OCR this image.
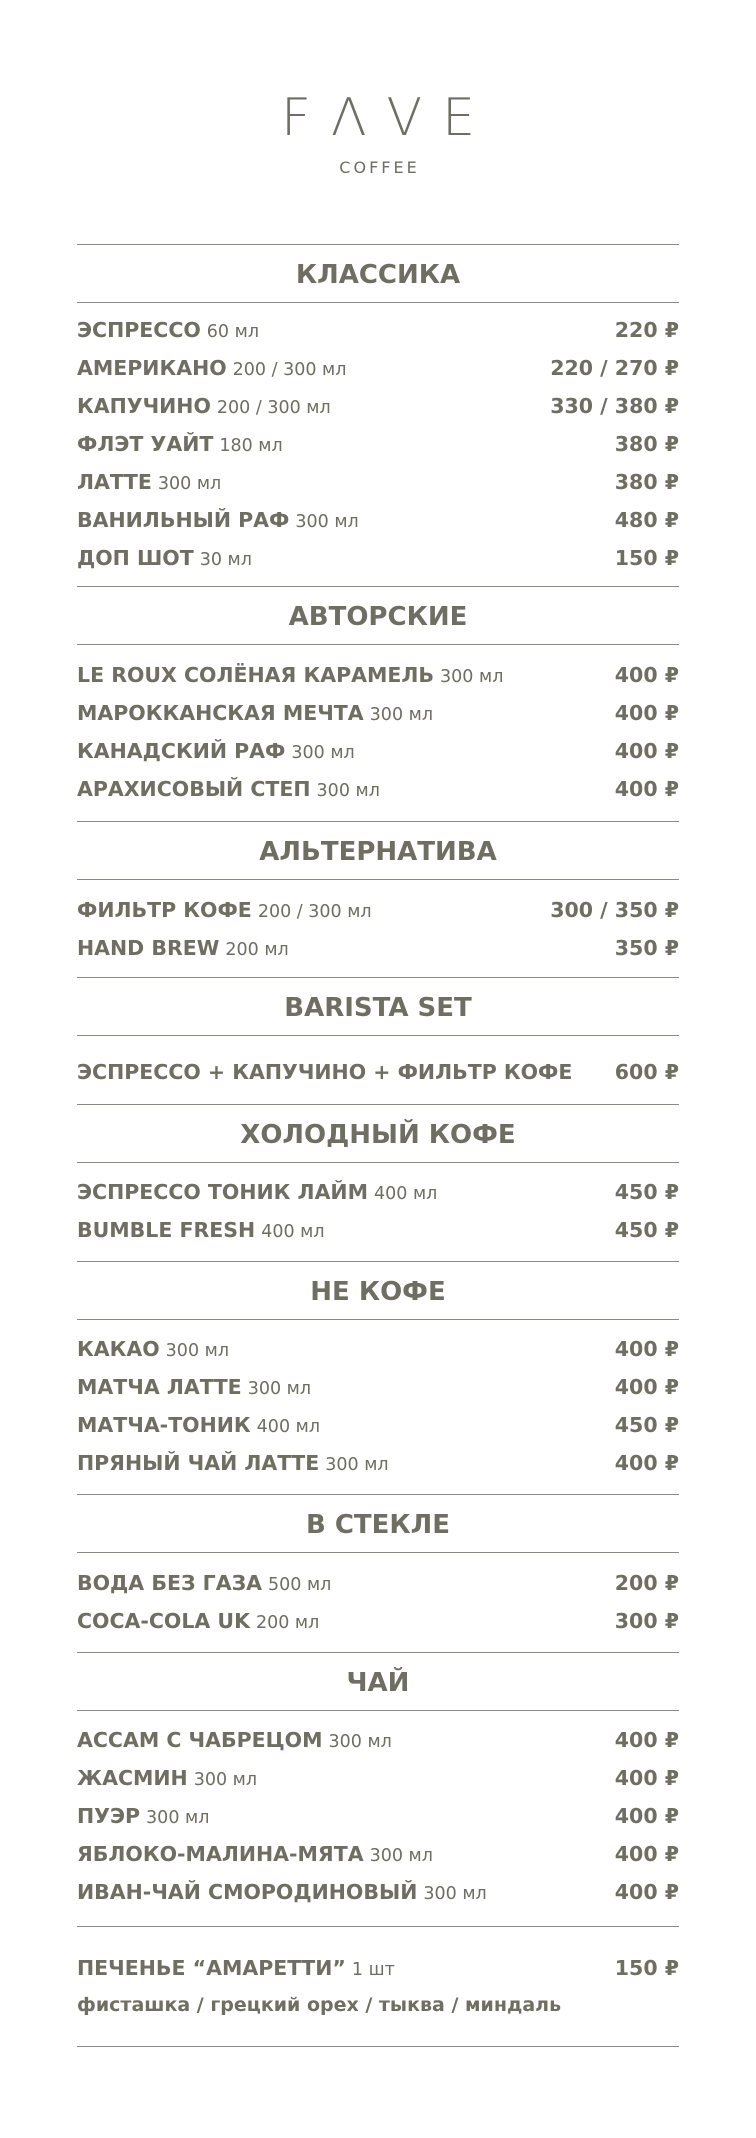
FΛVE
COFFEE
КЛАССИКА
ЭСПРЕССО 60 мл	220 ₽
АМЕРИКАНО 200 / 300 мл	220 / 270 ₽
КАПУЧИНО 200 / 300 мл	330 / 380 ₽
ФЛЭТ УАЙТ 180 мл	380 ₽
ЛАТТЕ 300 мл	380 ₽
ВАНИЛЬНЫЙ РАФ 300 мл	480 ₽
ДОП ШОТ 30 мл	150 ₽
АВТОРСКИЕ
LE ROUX СОЛЁНАЯ КАРАМЕЛЬ 300 мл	400 ₽
МАРОККАНСКАЯ МЕЧТА 300 мл	400 ₽
КАНАДСКИЙ РАФ 300 мл	400 ₽
АРАХИСОВЫЙ СТЕП 300 мл	400 ₽
АЛЬТЕРНАТИВА
ФИЛЬТР КОФЕ 200 / 300 мл	300 / 350 ₽
HAND BREW 200 мл	350 ₽
BARISTA SET
ЭСПРЕССО + КАПУЧИНО + ФИЛЬТР КОФЕ 600 ₽
ХОЛОДНЫЙ КОФЕ
ЭСПРЕССО ТОНИК ЛАЙМ 400 мл	450 ₽
BUMBLE FRESH 400 мл	450 ₽
НЕ КОФЕ
КАКАО 300 мл	400 ₽
МАТЧА ЛАТТЕ 300 мл	400 ₽
МАТЧА-ТОНИК 400 мл	450 ₽
ПРЯНЫЙ ЧАЙ ЛАТТЕ 300 мл	400 ₽
В СТЕКЛЕ
ВОДА БЕЗ ГАЗА 500 мл	200 ₽
COCA-COLA UK 200 мл	300 ₽
ЧАЙ
АССАМ С ЧАБРЕЦОМ 300 мл	400 ₽
ЖАСМИН 300 мл	400 ₽
ПУЭР 300 мл	400 ₽
ЯБЛОКО-МАЛИНА-МЯТА 300 мл	400 ₽
ИВАН-ЧАЙ СМОРОДИНОВЫЙ 300 мл	400 ₽
ПЕЧЕНЬЕ “АМАРЕТТИ” 1 шт	150 ₽
фисташка / грецкий орех / тыква / миндаль
